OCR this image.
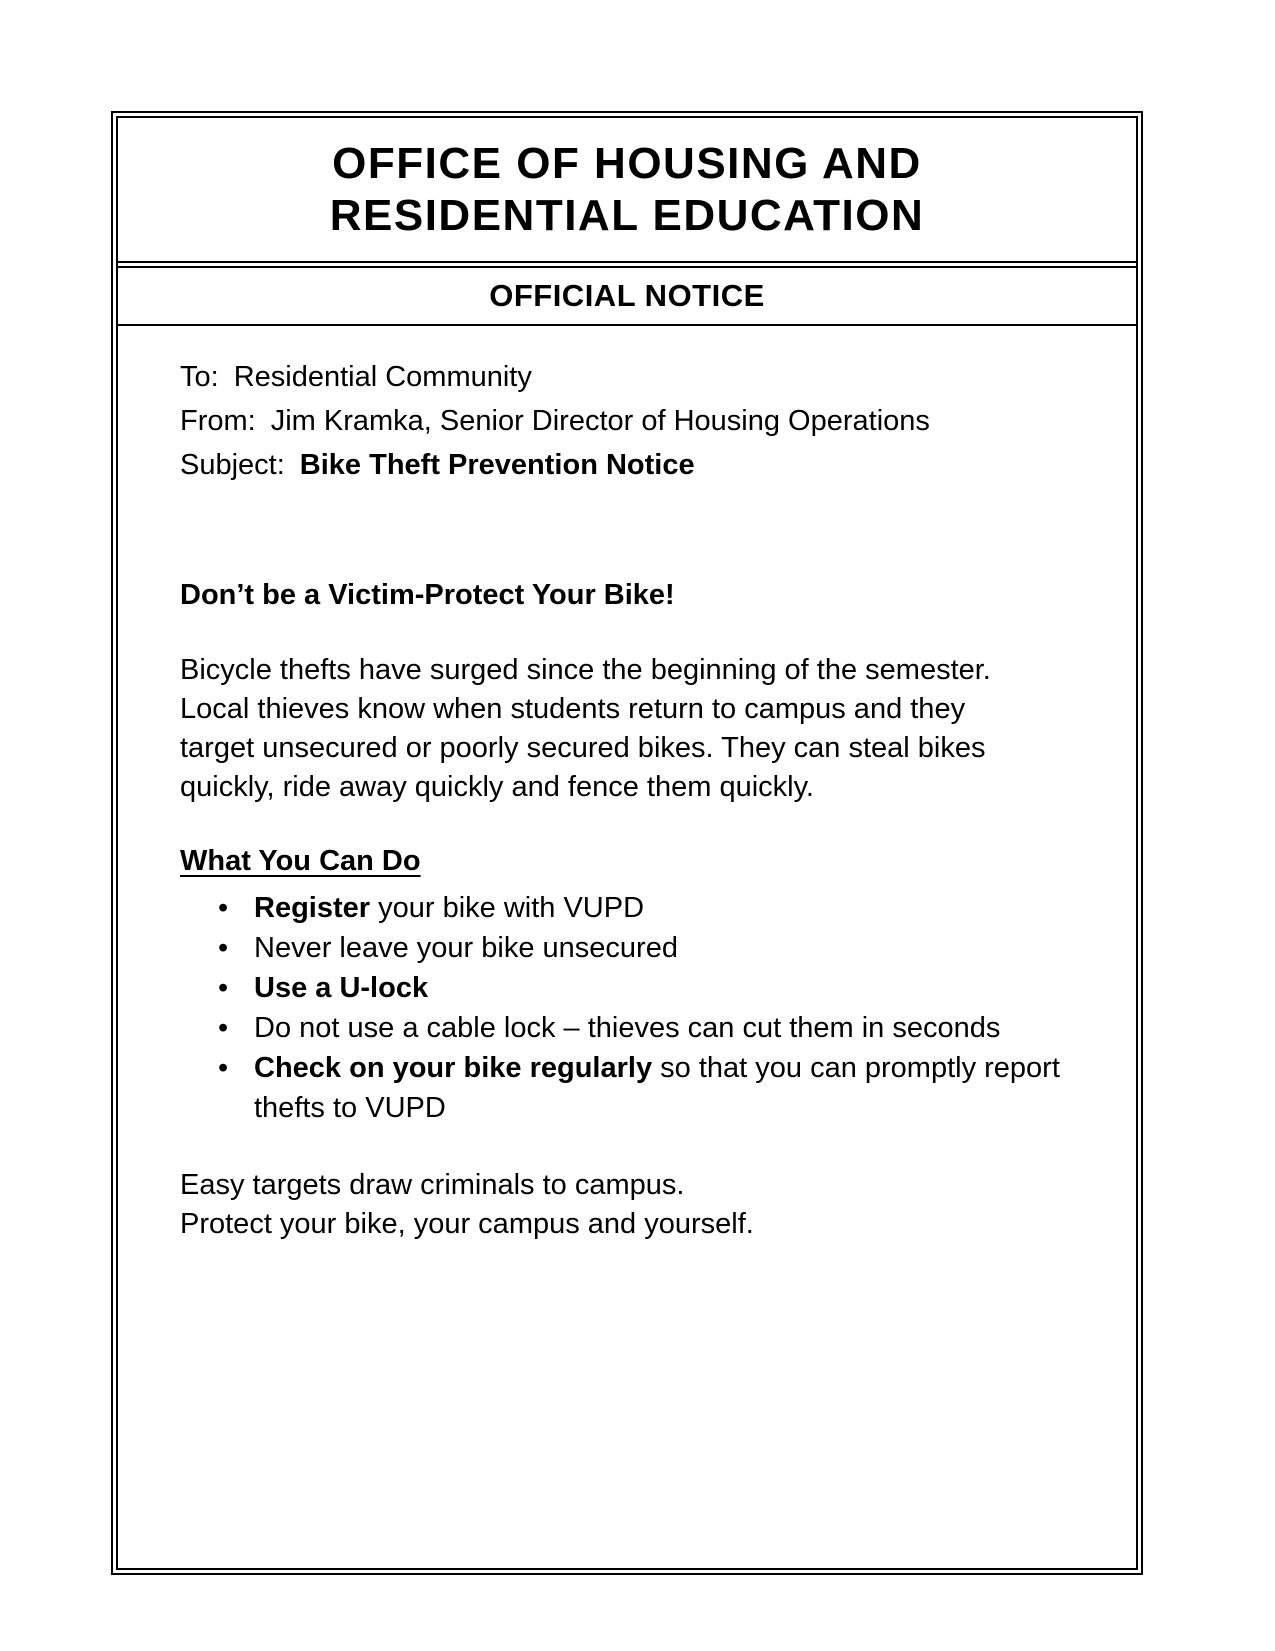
OFFICE OF HOUSING AND
RESIDENTIAL EDUCATION
OFFICIAL NOTICE
To: Residential Community
From: Jim Kramka, Senior Director of Housing Operations
Subject: Bike Theft Prevention Notice
Don’t be a Victim-Protect Your Bike!
Bicycle thefts have surged since the beginning of the semester.
Local thieves know when students return to campus and they
target unsecured or poorly secured bikes. They can steal bikes
quickly, ride away quickly and fence them quickly.
What You Can Do
• Register your bike with VUPD
• Never leave your bike unsecured
• Use a U-lock
• Do not use a cable lock – thieves can cut them in seconds
• Check on your bike regularly so that you can promptly report thefts to VUPD
Easy targets draw criminals to campus.
Protect your bike, your campus and yourself.
